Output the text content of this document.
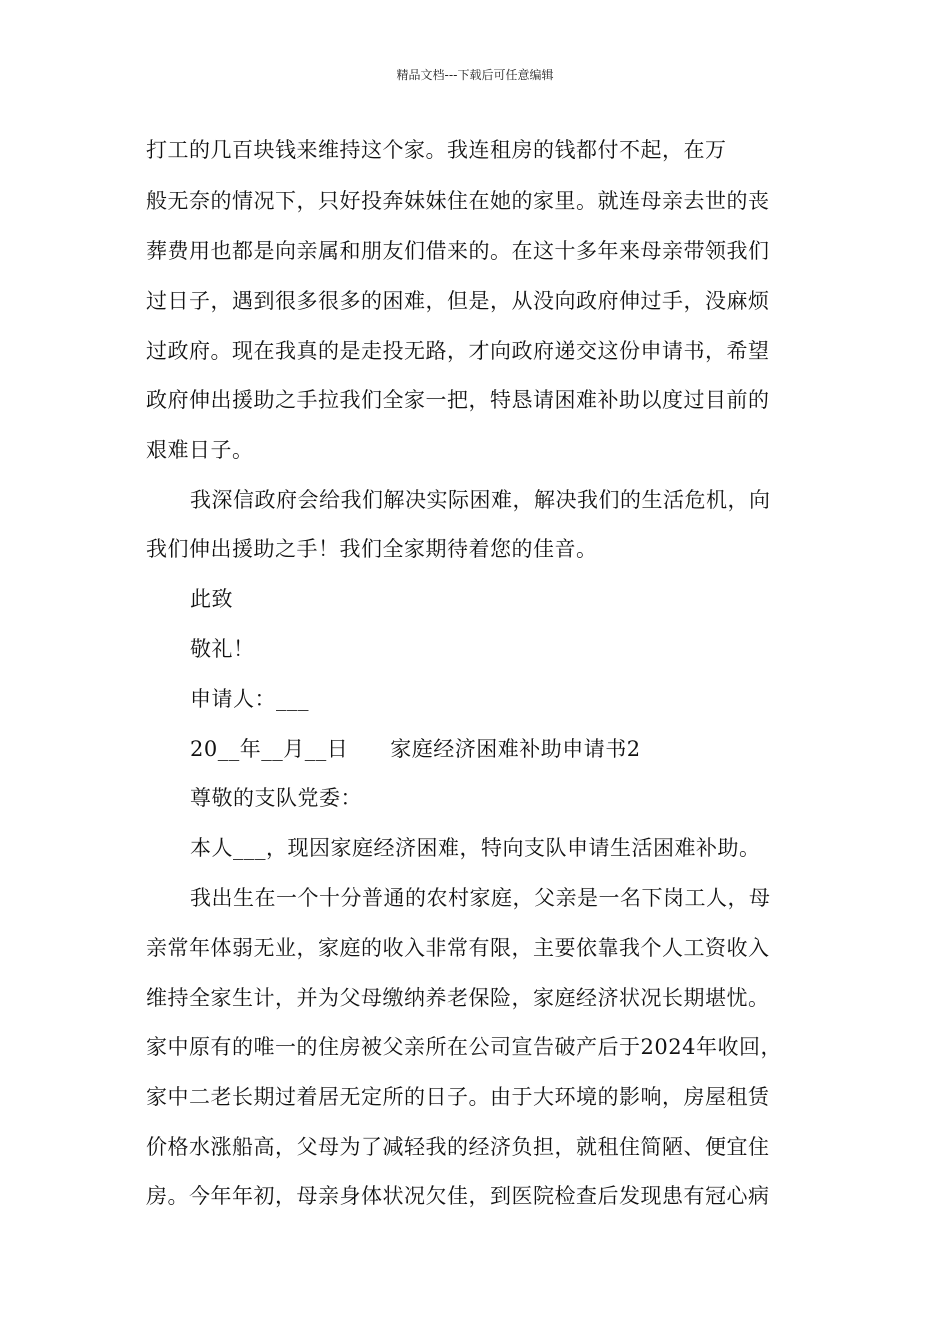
精品文档---下载后可任意编辑
打工的几百块钱来维持这个家。我连租房的钱都付不起，在万
般无奈的情况下，只好投奔妹妹住在她的家里。就连母亲去世的丧
葬费用也都是向亲属和朋友们借来的。在这十多年来母亲带领我们
过日子，遇到很多很多的困难，但是，从没向政府伸过手，没麻烦
过政府。现在我真的是走投无路，才向政府递交这份申请书，希望
政府伸出援助之手拉我们全家一把，特恳请困难补助以度过目前的
艰难日子。
我深信政府会给我们解决实际困难，解决我们的生活危机，向
我们伸出援助之手！我们全家期待着您的佳音。
此致
敬礼！
申请人：___
20__年__月__日 家庭经济困难补助申请书2
尊敬的支队党委：
本人___，现因家庭经济困难，特向支队申请生活困难补助。
我出生在一个十分普通的农村家庭，父亲是一名下岗工人，母
亲常年体弱无业，家庭的收入非常有限，主要依靠我个人工资收入
维持全家生计，并为父母缴纳养老保险，家庭经济状况长期堪忧。
家中原有的唯一的住房被父亲所在公司宣告破产后于2024年收回，
家中二老长期过着居无定所的日子。由于大环境的影响，房屋租赁
价格水涨船高，父母为了减轻我的经济负担，就租住简陋、便宜住
房。今年年初，母亲身体状况欠佳，到医院检查后发现患有冠心病
